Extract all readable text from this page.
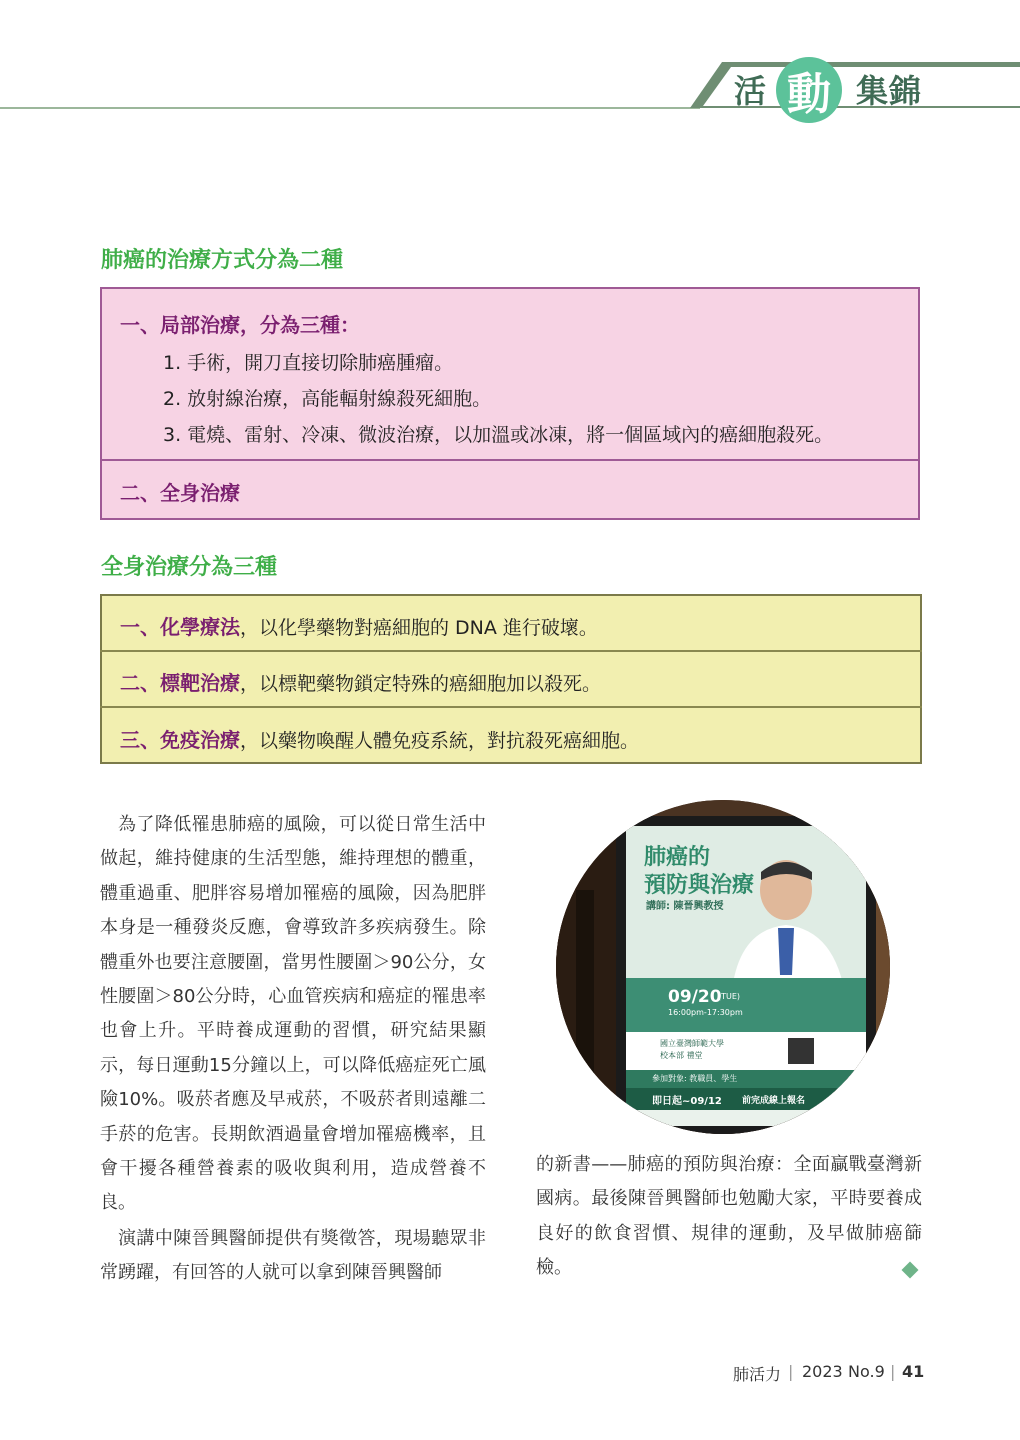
活 動 集錦
肺癌的治療方式分為二種
一、局部治療，分為三種：
1. 手術，開刀直接切除肺癌腫瘤。
2. 放射線治療，高能輻射線殺死細胞。
3. 電燒、雷射、冷凍、微波治療，以加溫或冰凍，將一個區域內的癌細胞殺死。
二、全身治療
全身治療分為三種
一、化學療法，以化學藥物對癌細胞的 DNA 進行破壞。
二、標靶治療，以標靶藥物鎖定特殊的癌細胞加以殺死。
三、免疫治療，以藥物喚醒人體免疫系統，對抗殺死癌細胞。

為了降低罹患肺癌的風險，可以從日常生活中做起，維持健康的生活型態，維持理想的體重，體重過重、肥胖容易增加罹癌的風險，因為肥胖本身是一種發炎反應，會導致許多疾病發生。除體重外也要注意腰圍，當男性腰圍＞90公分，女性腰圍＞80公分時，心血管疾病和癌症的罹患率也會上升。平時養成運動的習慣，研究結果顯示，每日運動15分鐘以上，可以降低癌症死亡風險10%。吸菸者應及早戒菸，不吸菸者則遠離二手菸的危害。長期飲酒過量會增加罹癌機率，且會干擾各種營養素的吸收與利用，造成營養不良。

演講中陳晉興醫師提供有獎徵答，現場聽眾非常踴躍，有回答的人就可以拿到陳晉興醫師

的新書——肺癌的預防與治療：全面贏戰臺灣新國病。最後陳晉興醫師也勉勵大家，平時要養成良好的飲食習慣、規律的運動，及早做肺癌篩檢。

肺癌的
預防與治療
講師: 陳晉興教授
09/20
(TUE)
16:00pm-17:30pm
國立臺灣師範大學
校本部 禮堂
參加對象: 教職員、學生
即日起~09/12 前完成線上報名
肺活力 | 2023 No.9 | 41
